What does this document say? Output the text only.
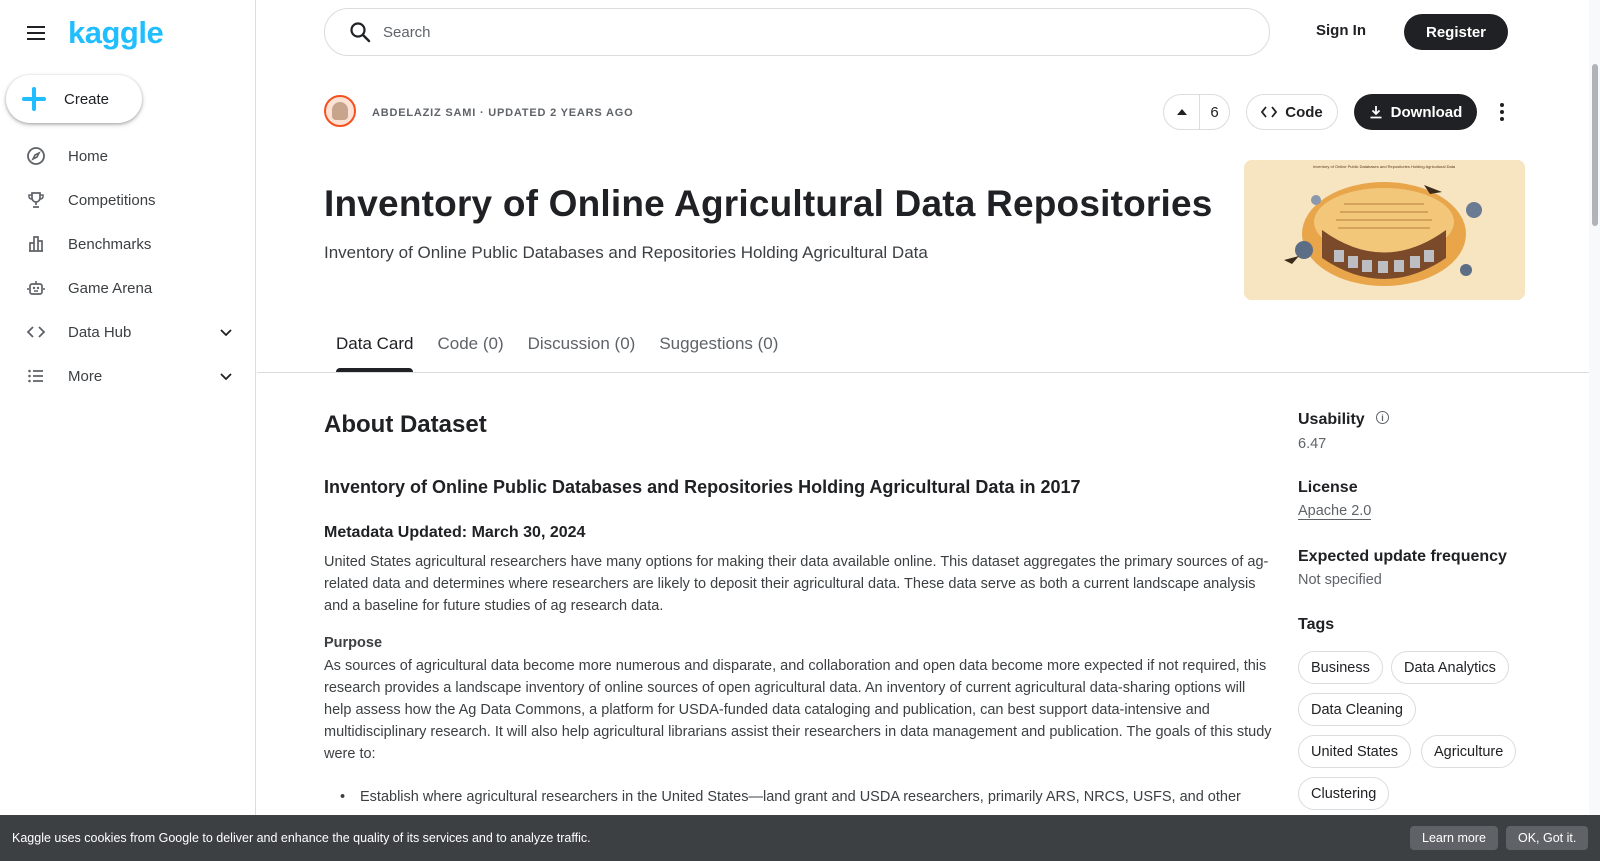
kaggle
Create
Home
Competitions
Benchmarks
Game Arena
Data Hub
More
Search
Sign In	Register
ABDELAZIZ SAMI · UPDATED 2 YEARS AGO	6	Code	Download
Inventory of Online Agricultural Data Repositories
Inventory of Online Public Databases and Repositories Holding Agricultural Data
Inventory of Online Public Databases and Repositories Holding Agricultural Data
Data Card Code (0) Discussion (0) Suggestions (0)
About Dataset
Inventory of Online Public Databases and Repositories Holding Agricultural Data in 2017
Metadata Updated: March 30, 2024
United States agricultural researchers have many options for making their data available online. This dataset aggregates the primary sources of ag-related data and determines where researchers are likely to deposit their agricultural data. These data serve as both a current landscape analysis and a baseline for future studies of ag research data.
Purpose
As sources of agricultural data become more numerous and disparate, and collaboration and open data become more expected if not required, this research provides a landscape inventory of online sources of open agricultural data. An inventory of current agricultural data-sharing options will help assess how the Ag Data Commons, a platform for USDA-funded data cataloging and publication, can best support data-intensive and multidisciplinary research. It will also help agricultural librarians assist their researchers in data management and publication. The goals of this study were to:
• Establish where agricultural researchers in the United States—land grant and USDA researchers, primarily ARS, NRCS, USFS, and other
Usability	i
6.47
License
Apache 2.0
Expected update frequency
Not specified
Tags
Business	Data Analytics
Data Cleaning
United States	Agriculture
Clustering
Kaggle uses cookies from Google to deliver and enhance the quality of its services and to analyze traffic.	Learn more	OK, Got it.
